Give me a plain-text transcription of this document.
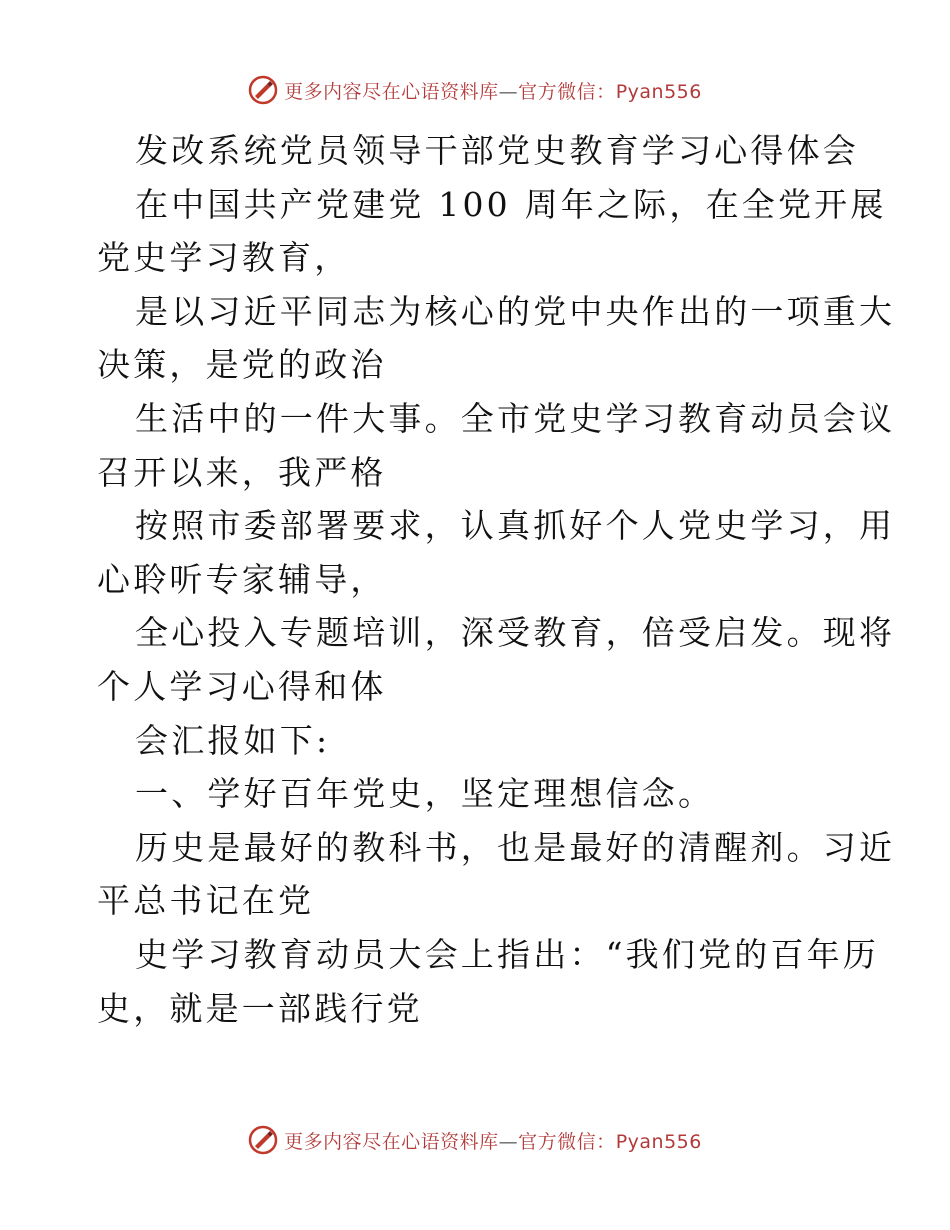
更多内容尽在心语资料库—官方微信：Pyan556
发改系统党员领导干部党史教育学习心得体会
在中国共产党建党 100 周年之际，在全党开展
党史学习教育，
是以习近平同志为核心的党中央作出的一项重大
决策，是党的政治
生活中的一件大事。全市党史学习教育动员会议
召开以来，我严格
按照市委部署要求，认真抓好个人党史学习，用
心聆听专家辅导，
全心投入专题培训，深受教育，倍受启发。现将
个人学习心得和体
会汇报如下:
一、学好百年党史，坚定理想信念。
历史是最好的教科书，也是最好的清醒剂。习近
平总书记在党
史学习教育动员大会上指出：“我们党的百年历
史，就是一部践行党
更多内容尽在心语资料库—官方微信：Pyan556
